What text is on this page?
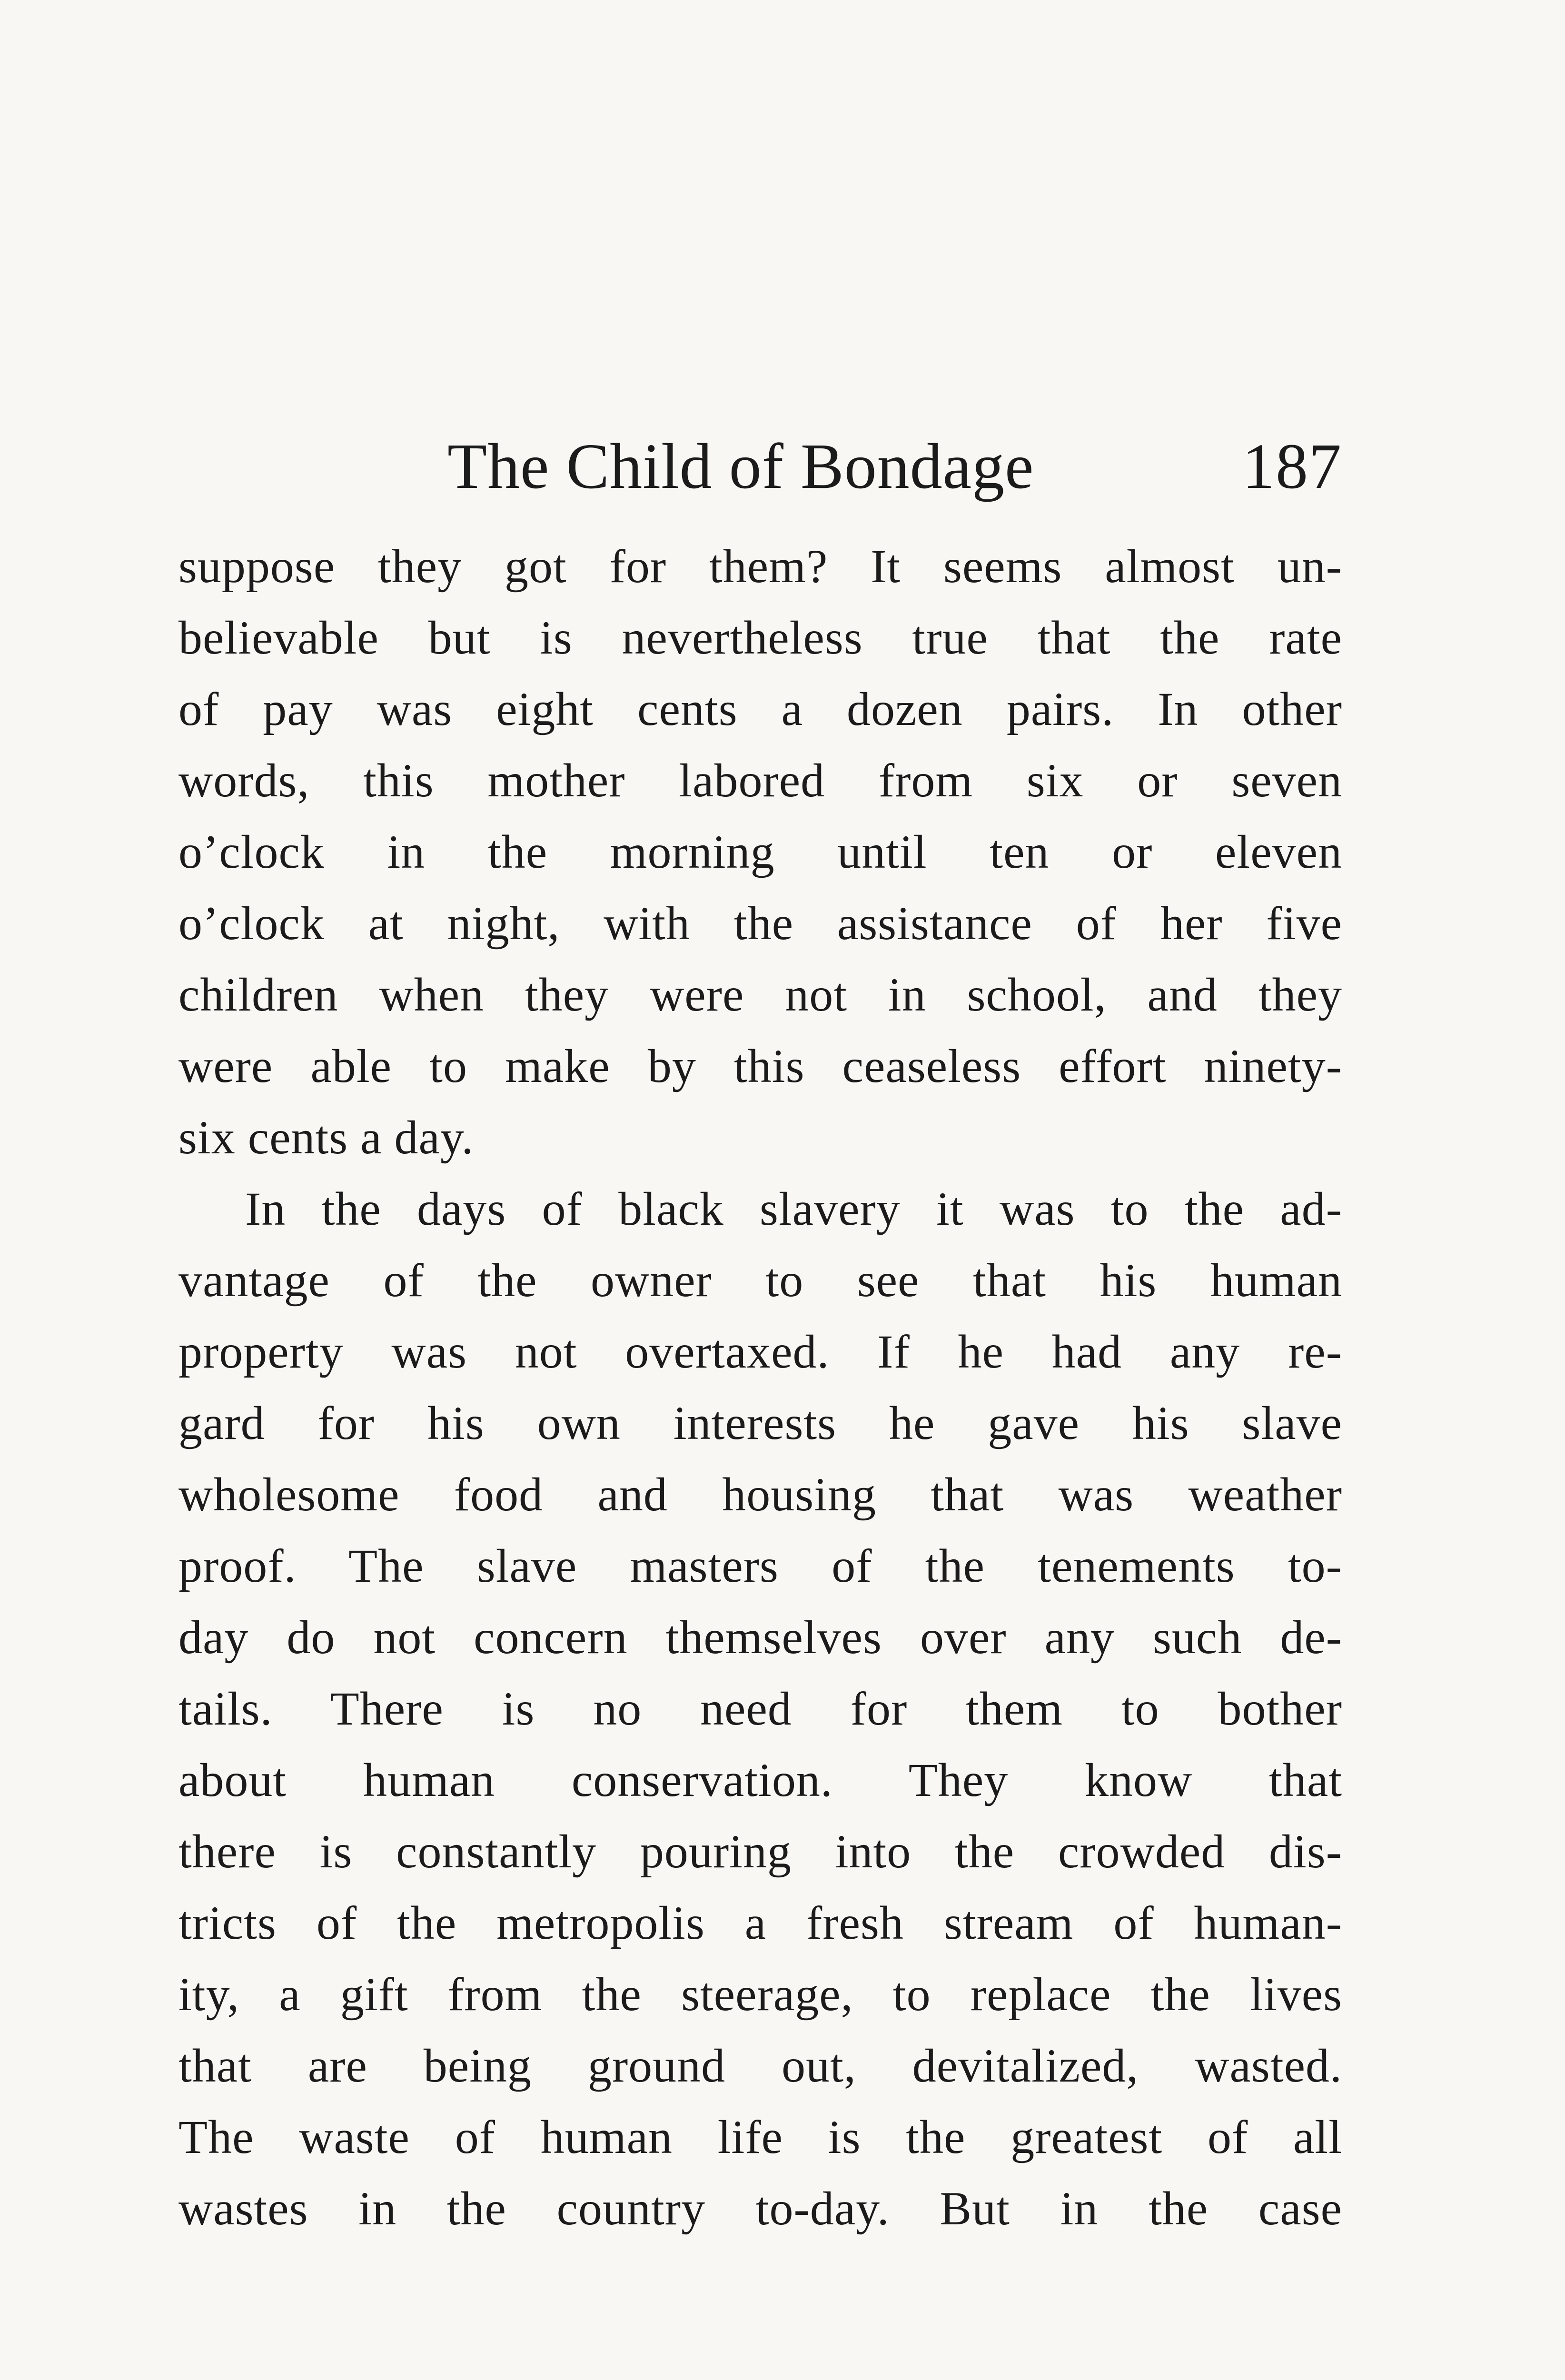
The Child of Bondage	187
suppose they got for them? It seems almost un-
believable but is nevertheless true that the rate
of pay was eight cents a dozen pairs. In other
words, this mother labored from six or seven
o’clock in the morning until ten or eleven
o’clock at night, with the assistance of her five
children when they were not in school, and they
were able to make by this ceaseless effort ninety-
six cents a day.
In the days of black slavery it was to the ad-
vantage of the owner to see that his human
property was not overtaxed. If he had any re-
gard for his own interests he gave his slave
wholesome food and housing that was weather
proof. The slave masters of the tenements to-
day do not concern themselves over any such de-
tails. There is no need for them to bother
about human conservation. They know that
there is constantly pouring into the crowded dis-
tricts of the metropolis a fresh stream of human-
ity, a gift from the steerage, to replace the lives
that are being ground out, devitalized, wasted.
The waste of human life is the greatest of all
wastes in the country to-day. But in the case
